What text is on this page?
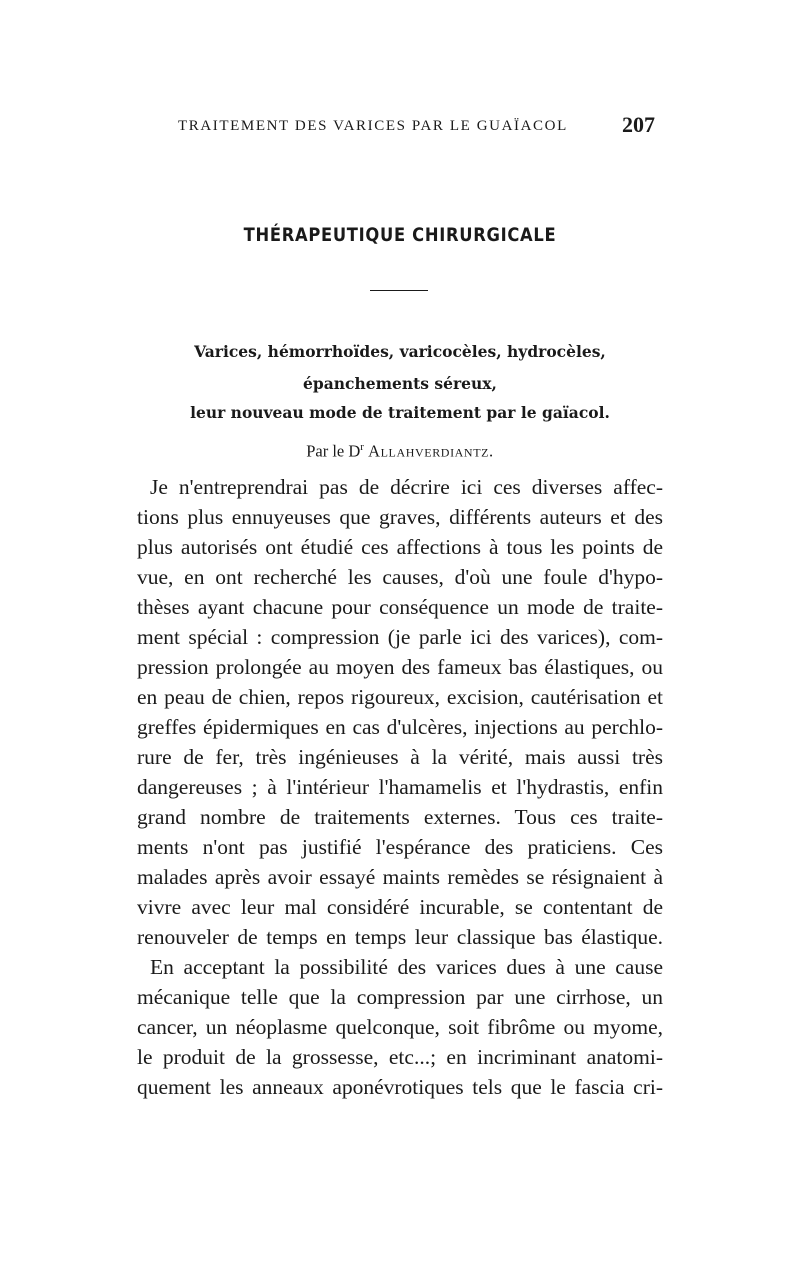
TRAITEMENT DES VARICES PAR LE GUAÏACOL	207
THÉRAPEUTIQUE CHIRURGICALE
Varices, hémorrhoïdes, varicocèles, hydrocèles,
épanchements séreux,
leur nouveau mode de traitement par le gaïacol.
Par le $D^r$ Allahverdiantz.
Je n'entreprendrai pas de décrire ici ces diverses affec-
tions plus ennuyeuses que graves, différents auteurs et des
plus autorisés ont étudié ces affections à tous les points de
vue, en ont recherché les causes, d'où une foule d'hypo-
thèses ayant chacune pour conséquence un mode de traite-
ment spécial : compression (je parle ici des varices), com-
pression prolongée au moyen des fameux bas élastiques, ou
en peau de chien, repos rigoureux, excision, cautérisation et
greffes épidermiques en cas d'ulcères, injections au perchlo-
rure de fer, très ingénieuses à la vérité, mais aussi très
dangereuses ; à l'intérieur l'hamamelis et l'hydrastis, enfin
grand nombre de traitements externes. Tous ces traite-
ments n'ont pas justifié l'espérance des praticiens. Ces
malades après avoir essayé maints remèdes se résignaient à
vivre avec leur mal considéré incurable, se contentant de
renouveler de temps en temps leur classique bas élastique.
En acceptant la possibilité des varices dues à une cause
mécanique telle que la compression par une cirrhose, un
cancer, un néoplasme quelconque, soit fibrôme ou myome,
le produit de la grossesse, etc...; en incriminant anatomi-
quement les anneaux aponévrotiques tels que le fascia cri-
